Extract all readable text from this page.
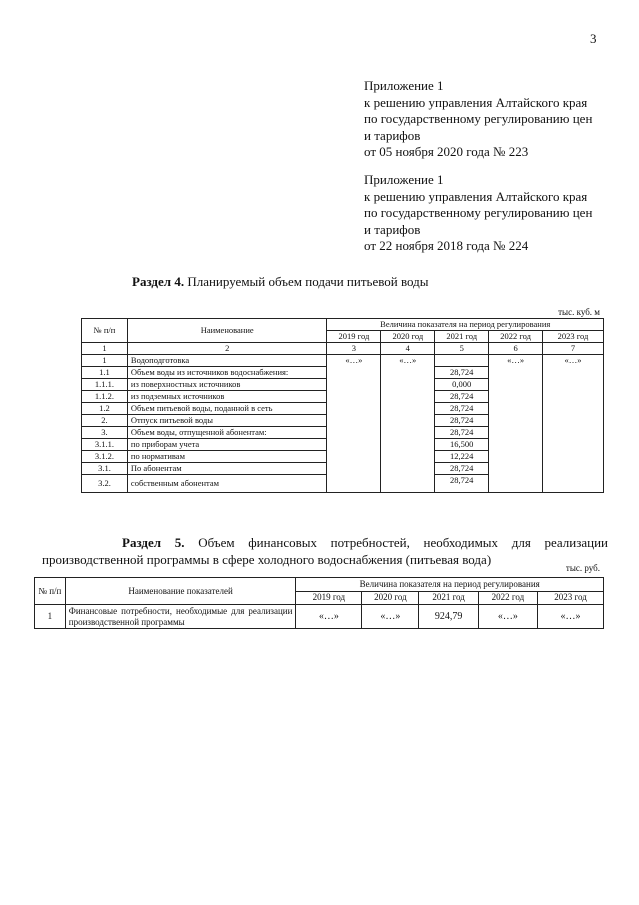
3
Приложение 1
к решению управления Алтайского края
по государственному регулированию цен
и тарифов
от 05 ноября 2020 года № 223
Приложение 1
к решению управления Алтайского края
по государственному регулированию цен
и тарифов
от 22 ноября 2018 года № 224
Раздел 4. Планируемый объем подачи питьевой воды
тыс. куб. м
№ п/п	Наименование	Величина показателя на период регулирования				
		2019 год	2020 год	2021 год	2022 год	2023 год
1	2	3	4	5	6	7
1	Водоподготовка	«…»	«…»		«…»	«…»
1.1	Объем воды из источников водоснабжения:			28,724		
1.1.1.	из поверхностных источников			0,000		
1.1.2.	из подземных источников			28,724		
1.2	Объем питьевой воды, поданной в сеть			28,724		
2.	Отпуск питьевой воды			28,724		
3.	Объем воды, отпущенной абонентам:			28,724		
3.1.1.	по приборам учета			16,500		
3.1.2.	по нормативам			12,224		
3.1.	По абонентам			28,724		
3.2.	собственным абонентам			28,724		
Раздел 5. Объем финансовых потребностей, необходимых для реализации производственной программы в сфере холодного водоснабжения (питьевая вода)
тыс. руб.
№ п/п	Наименование показателей	Величина показателя на период регулирования				
		2019 год	2020 год	2021 год	2022 год	2023 год
1	Финансовые потребности, необходимые для реализации производственной программы	«…»	«…»	924,79	«…»	«…»
